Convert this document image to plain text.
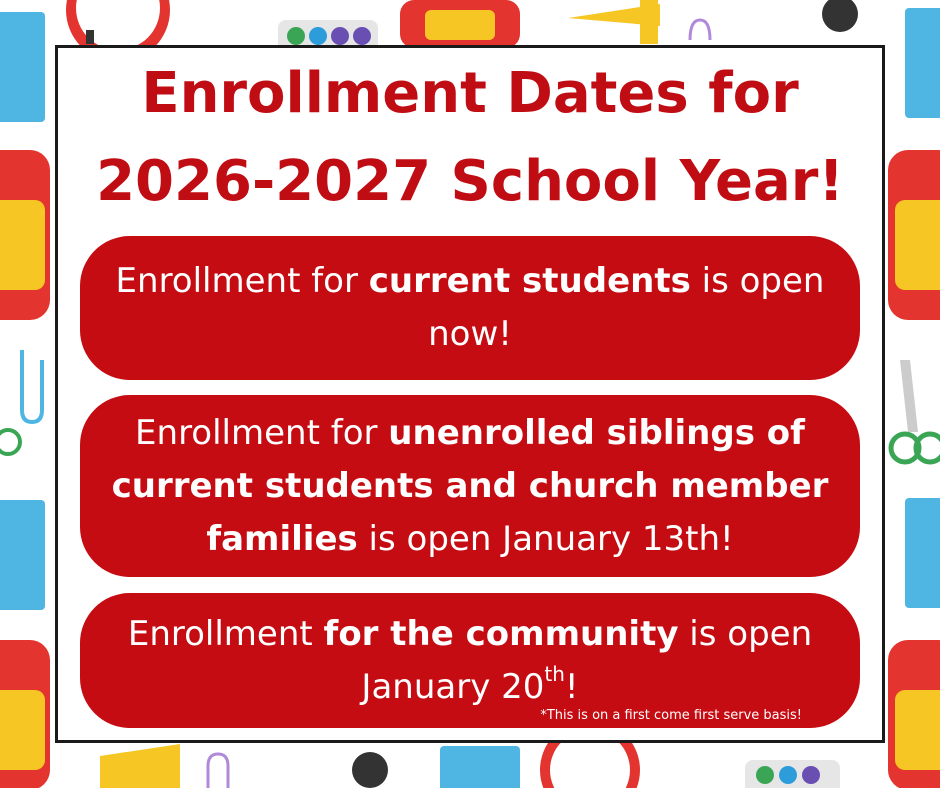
Enrollment Dates for
2026-2027 School Year!
Enrollment for current students is open
now!
Enrollment for unenrolled siblings of
current students and church member
families is open January 13th!
Enrollment for the community is open
January 20th!
*This is on a first come first serve basis!
